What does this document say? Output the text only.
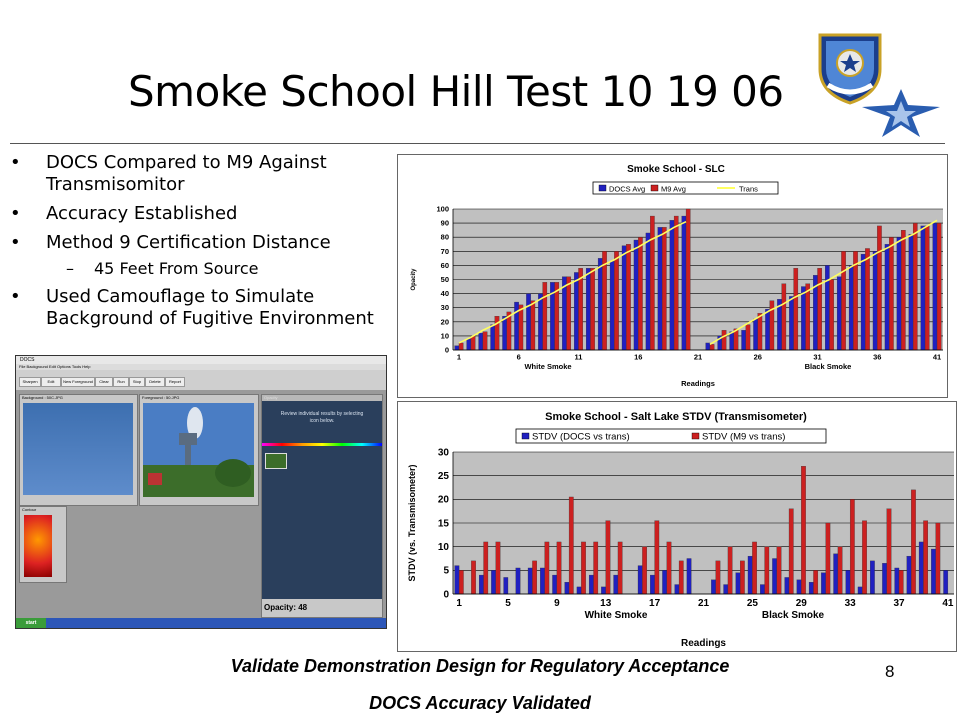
Smoke School Hill Test 10 19 06
• DOCS Compared to M9 Against Transmisomitor
• Accuracy Established
• Method 9 Certification Distance
– 45 Feet From Source
• Used Camouflage to Simulate Background of Fugitive Environment
DOCS
File Background Edit Options Tools Help
Sharpen	Edit	New Foreground	Clear	Run	Stop	Delete	Report
Background : 50C.JPG	Foreground : 50.JPG	Opacity
Review individual results by selecting icon below.
Opacity: 48
Contour
start
Smoke School - SLC
DOCS Avg M9 Avg	Trans
0
10
20
30
40
50
60
70
80
90
100
1	6	11	16	21	26	31	36	41
White Smoke	Black Smoke
Readings
Opacity
Smoke School - Salt Lake STDV (Transmisometer)
STDV (DOCS vs trans)	STDV (M9 vs trans)
0
5
10
15
20
25
30
1	5	9	13	17	21	25	29	33	37	41
White Smoke	Black Smoke
Readings
STDV (vs. Transmisometer)
Validate Demonstration Design for Regulatory Acceptance	8
DOCS Accuracy Validated
